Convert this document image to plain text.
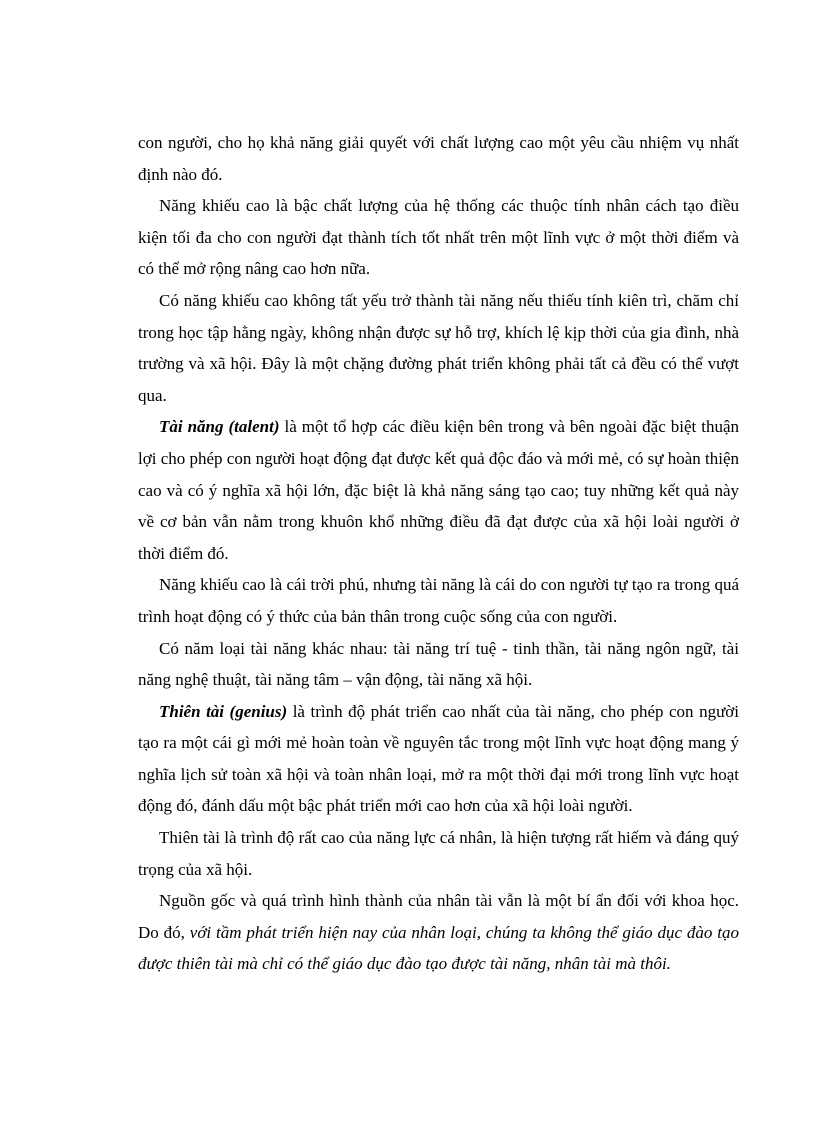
con người, cho họ khả năng giải quyết với chất lượng cao một yêu cầu nhiệm vụ nhất định nào đó.

Năng khiếu cao là bậc chất lượng của hệ thống các thuộc tính nhân cách tạo điều kiện tối đa cho con người đạt thành tích tốt nhất trên một lĩnh vực ở một thời điểm và có thể mở rộng nâng cao hơn nữa.

Có năng khiếu cao không tất yếu trở thành tài năng nếu thiếu tính kiên trì, chăm chỉ trong học tập hằng ngày, không nhận được sự hỗ trợ, khích lệ kịp thời của gia đình, nhà trường và xã hội. Đây là một chặng đường phát triển không phải tất cả đều có thể vượt qua.

Tài năng (talent) là một tổ hợp các điều kiện bên trong và bên ngoài đặc biệt thuận lợi cho phép con người hoạt động đạt được kết quả độc đáo và mới mẻ, có sự hoàn thiện cao và có ý nghĩa xã hội lớn, đặc biệt là khả năng sáng tạo cao; tuy những kết quả này về cơ bản vẫn nằm trong khuôn khổ những điều đã đạt được của xã hội loài người ở thời điểm đó.

Năng khiếu cao là cái trời phú, nhưng tài năng là cái do con người tự tạo ra trong quá trình hoạt động có ý thức của bản thân trong cuộc sống của con người.

Có năm loại tài năng khác nhau: tài năng trí tuệ - tinh thần, tài năng ngôn ngữ, tài năng nghệ thuật, tài năng tâm – vận động, tài năng xã hội.

Thiên tài (genius) là trình độ phát triển cao nhất của tài năng, cho phép con người tạo ra một cái gì mới mẻ hoàn toàn về nguyên tắc trong một lĩnh vực hoạt động mang ý nghĩa lịch sử toàn xã hội và toàn nhân loại, mở ra một thời đại mới trong lĩnh vực hoạt động đó, đánh dấu một bậc phát triển mới cao hơn của xã hội loài người.

Thiên tài là trình độ rất cao của năng lực cá nhân, là hiện tượng rất hiếm và đáng quý trọng của xã hội.

Nguồn gốc và quá trình hình thành của nhân tài vẫn là một bí ẩn đối với khoa học. Do đó, với tầm phát triển hiện nay của nhân loại, chúng ta không thể giáo dục đào tạo được thiên tài mà chỉ có thể giáo dục đào tạo được tài năng, nhân tài mà thôi.
